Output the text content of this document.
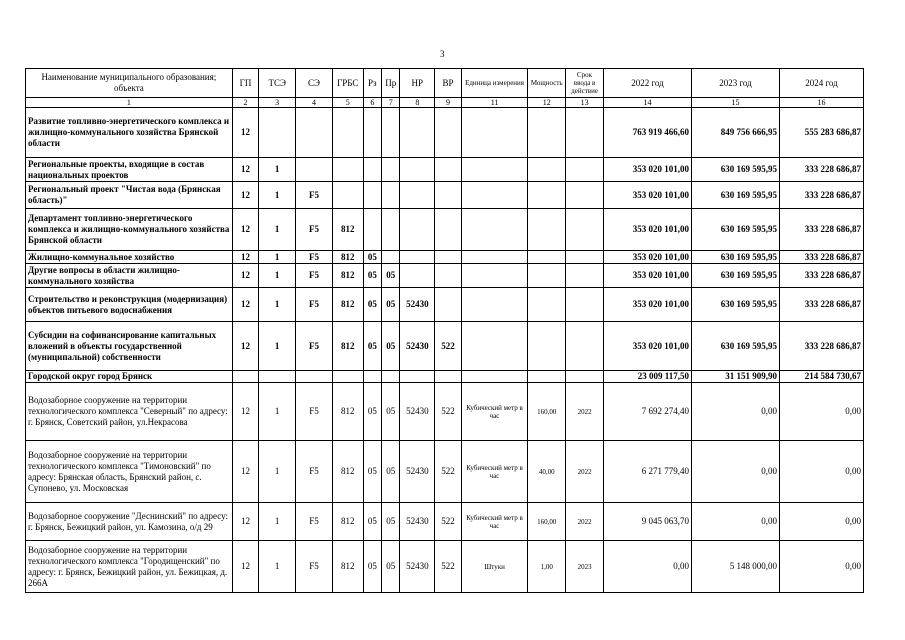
3
Наименование муниципального образования; объекта	ГП	ТСЭ	СЭ	ГРБС	Рз	Пр	НР	ВР	Единица измерения	Мощность	Срок ввода в действие	2022 год	2023 год	2024 год
1	2	3	4	5	6	7	8	9	11	12	13	14	15	16
Развитие топливно-энергетического комплекса и жилищно-коммунального хозяйства Брянской области	12											763 919 466,60	849 756 666,95	555 283 686,87
Региональные проекты, входящие в состав национальных проектов	12	1										353 020 101,00	630 169 595,95	333 228 686,87
Региональный проект "Чистая вода (Брянская область)"	12	1	F5									353 020 101,00	630 169 595,95	333 228 686,87
Департамент топливно-энергетического комплекса и жилищно-коммунального хозяйства Брянской области	12	1	F5	812								353 020 101,00	630 169 595,95	333 228 686,87
Жилищно-коммунальное хозяйство	12	1	F5	812	05							353 020 101,00	630 169 595,95	333 228 686,87
Другие вопросы в области жилищно-коммунального хозяйства	12	1	F5	812	05	05						353 020 101,00	630 169 595,95	333 228 686,87
Строительство и реконструкция (модернизация) объектов питьевого водоснабжения	12	1	F5	812	05	05	52430					353 020 101,00	630 169 595,95	333 228 686,87
Субсидии на софинансирование капитальных вложений в объекты государственной (муниципальной) собственности	12	1	F5	812	05	05	52430	522				353 020 101,00	630 169 595,95	333 228 686,87
Городской округ город Брянск												23 009 117,50	31 151 909,90	214 584 730,67
Водозаборное сооружение на территории технологического комплекса "Северный" по адресу: г. Брянск, Советский район, ул.Некрасова	12	1	F5	812	05	05	52430	522	Кубический метр в час	160,00	2022	7 692 274,40	0,00	0,00
Водозаборное сооружение на территории технологического комплекса "Тимоновский" по адресу: Брянская область, Брянский район, с. Супонево, ул. Московская	12	1	F5	812	05	05	52430	522	Кубический метр в час	40,00	2022	6 271 779,40	0,00	0,00
Водозаборное сооружение "Деснинский" по адресу: г. Брянск, Бежицкий район, ул. Камозина, о/д 29	12	1	F5	812	05	05	52430	522	Кубический метр в час	160,00	2022	9 045 063,70	0,00	0,00
Водозаборное сооружение на территории технологического комплекса "Городищенский" по адресу: г. Брянск, Бежицкий район, ул. Бежицкая, д. 266А	12	1	F5	812	05	05	52430	522	Штуки	1,00	2023	0,00	5 148 000,00	0,00
